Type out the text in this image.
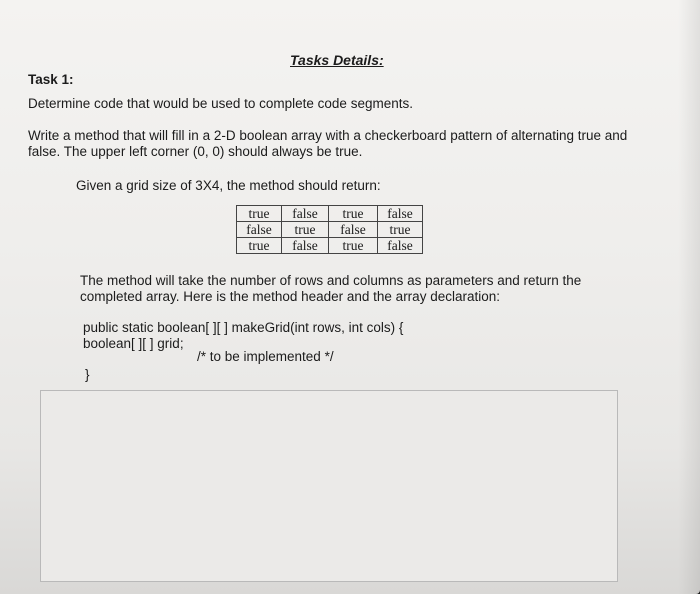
Tasks Details:
Task 1:
Determine code that would be used to complete code segments.
Write a method that will fill in a 2-D boolean array with a checkerboard pattern of alternating true and false. The upper left corner (0, 0) should always be true.
Given a grid size of 3X4, the method should return:
true	false	true	false
false	true	false	true
true	false	true	false
The method will take the number of rows and columns as parameters and return the completed array. Here is the method header and the array declaration:
public static boolean[ ][ ] makeGrid(int rows, int cols) {
boolean[ ][ ] grid;
/* to be implemented */
}
